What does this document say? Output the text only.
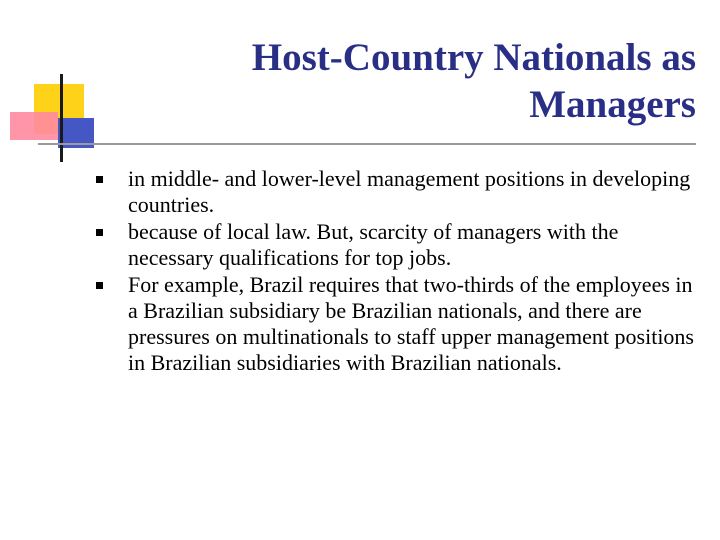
Host-Country Nationals as Managers
in middle- and lower-level management positions in developing countries.
because of local law. But, scarcity of managers with the necessary qualifications for top jobs.
For example, Brazil requires that two-thirds of the employees in a Brazilian subsidiary be Brazilian nationals, and there are pressures on multinationals to staff upper management positions in Brazilian subsidiaries with Brazilian nationals.
